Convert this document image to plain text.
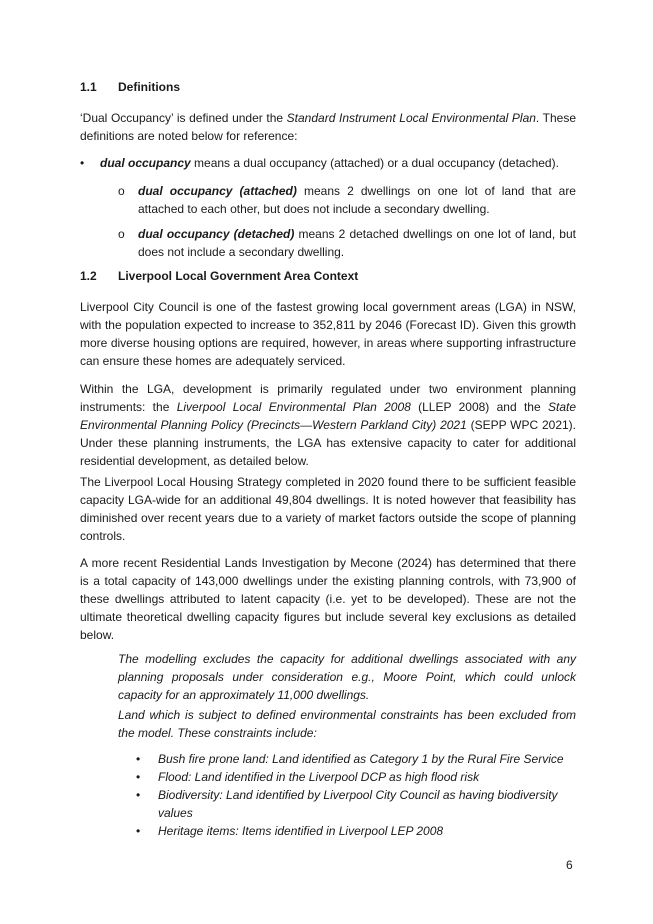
1.1 Definitions

‘Dual Occupancy’ is defined under the Standard Instrument Local Environmental Plan. These definitions are noted below for reference:

• dual occupancy means a dual occupancy (attached) or a dual occupancy (detached).

o dual occupancy (attached) means 2 dwellings on one lot of land that are attached to each other, but does not include a secondary dwelling.

o dual occupancy (detached) means 2 detached dwellings on one lot of land, but does not include a secondary dwelling.

1.2 Liverpool Local Government Area Context

Liverpool City Council is one of the fastest growing local government areas (LGA) in NSW, with the population expected to increase to 352,811 by 2046 (Forecast ID). Given this growth more diverse housing options are required, however, in areas where supporting infrastructure can ensure these homes are adequately serviced.

Within the LGA, development is primarily regulated under two environment planning instruments: the Liverpool Local Environmental Plan 2008 (LLEP 2008) and the State Environmental Planning Policy (Precincts—Western Parkland City) 2021 (SEPP WPC 2021). Under these planning instruments, the LGA has extensive capacity to cater for additional residential development, as detailed below.

The Liverpool Local Housing Strategy completed in 2020 found there to be sufficient feasible capacity LGA-wide for an additional 49,804 dwellings. It is noted however that feasibility has diminished over recent years due to a variety of market factors outside the scope of planning controls.

A more recent Residential Lands Investigation by Mecone (2024) has determined that there is a total capacity of 143,000 dwellings under the existing planning controls, with 73,900 of these dwellings attributed to latent capacity (i.e. yet to be developed). These are not the ultimate theoretical dwelling capacity figures but include several key exclusions as detailed below.

The modelling excludes the capacity for additional dwellings associated with any planning proposals under consideration e.g., Moore Point, which could unlock capacity for an approximately 11,000 dwellings.

Land which is subject to defined environmental constraints has been excluded from the model. These constraints include:

• Bush fire prone land: Land identified as Category 1 by the Rural Fire Service
• Flood: Land identified in the Liverpool DCP as high flood risk
• Biodiversity: Land identified by Liverpool City Council as having biodiversity values
• Heritage items: Items identified in Liverpool LEP 2008
6
